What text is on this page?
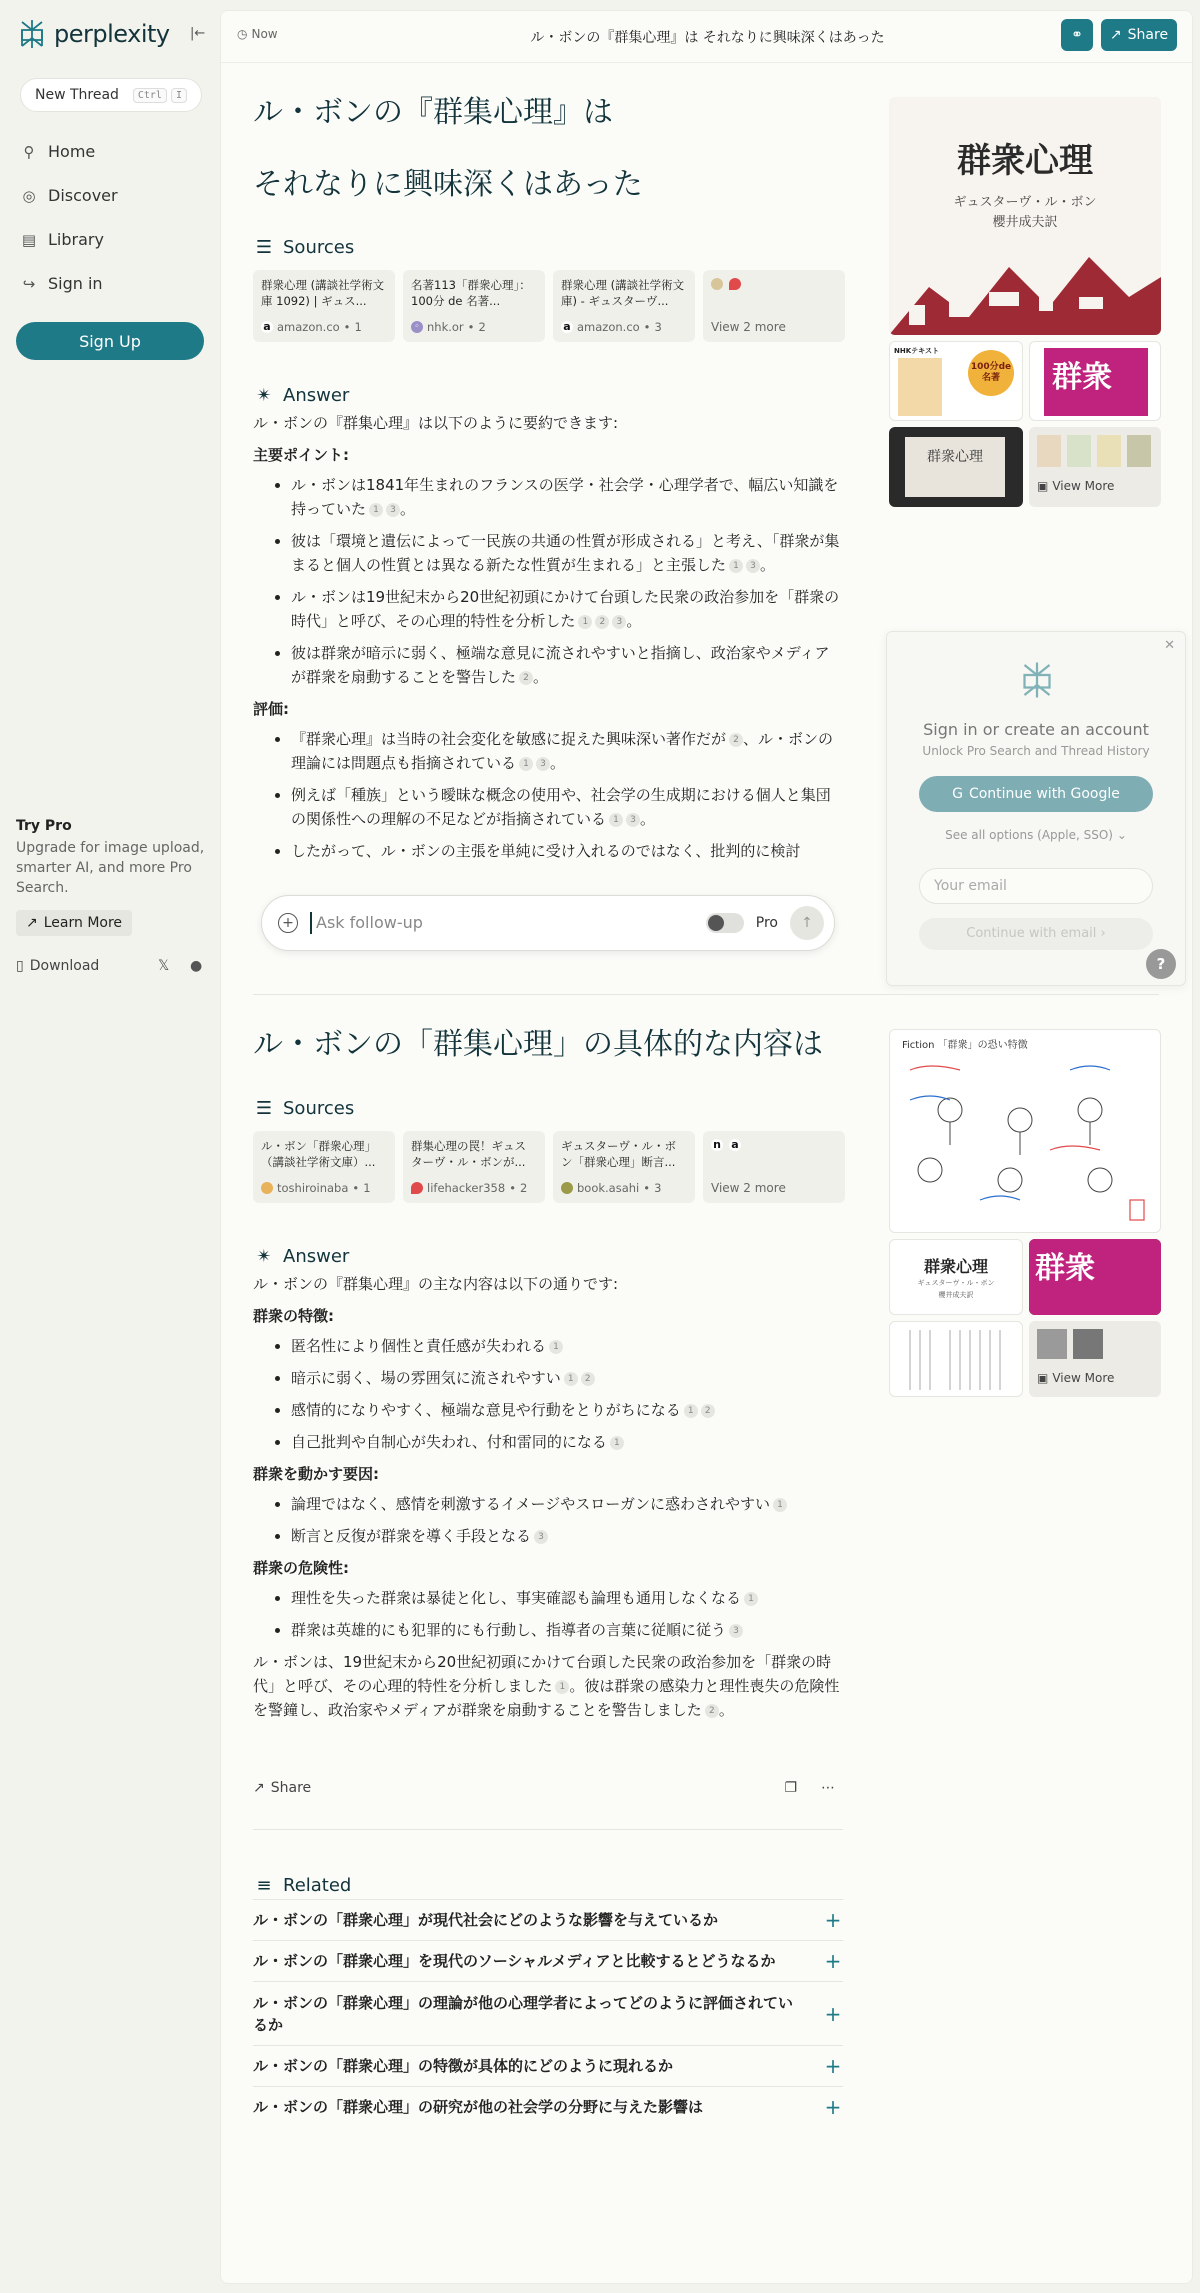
perplexity |←
New Thread	Ctrl	I
⚲ Home
◎ Discover
▤ Library
↪ Sign in
Sign Up
Try Pro
Upgrade for image upload, smarter AI, and more Pro Search.
↗ Learn More
▯ Download	𝕏 ●
◷ Now	ル・ボンの『群集心理』は それなりに興味深くはあった	⚭ ↗ Share
ル・ボンの『群集心理』は
それなりに興味深くはあった
☰ Sources
群衆心理 (講談社学術文庫 1092) | ギュス...
a amazon.co • 1
名著113「群衆心理」：100分 de 名著...
◦ nhk.or • 2
群衆心理 (講談社学術文庫) - ギュスターヴ...
a amazon.co • 3	View 2 more
✴ Answer

ル・ボンの『群集心理』は以下のように要約できます:

主要ポイント:
• ル・ボンは1841年生まれのフランスの医学・社会学・心理学者で、幅広い知識を持っていた 1 3 。
• 彼は「環境と遺伝によって一民族の共通の性質が形成される」と考え、「群衆が集まると個人の性質とは異なる新たな性質が生まれる」と主張した 1 3 。
• ル・ボンは19世紀末から20世紀初頭にかけて台頭した民衆の政治参加を「群衆の時代」と呼び、その心理的特性を分析した 1 2 3 。
• 彼は群衆が暗示に弱く、極端な意見に流されやすいと指摘し、政治家やメディアが群衆を扇動することを警告した 2 。
評価:
• 『群衆心理』は当時の社会変化を敏感に捉えた興味深い著作だが 2 、ル・ボンの理論には問題点も指摘されている 1 3 。
• 例えば「種族」という曖昧な概念の使用や、社会学の生成期における個人と集団の関係性への理解の不足などが指摘されている 1 3 。
• したがって、ル・ボンの主張を単純に受け入れるのではなく、批判的に検討
群衆心理
ギュスターヴ・ル・ボン
櫻井成夫訳
NHKテキスト
100分de名著	群衆
群衆心理
▣ View More
+	Ask follow-up	Pro ↑
✕
Sign in or create an account
Unlock Pro Search and Thread History
G Continue with Google
See all options (Apple, SSO) ⌄
Your email
Continue with email ›
?
ル・ボンの「群集心理」の具体的な内容は
☰ Sources
ル・ボン「群衆心理」（講談社学術文庫）...
toshiroinaba • 1
群集心理の罠！ギュスターヴ・ル・ボンが...
lifehacker358 • 2
ギュスターヴ・ル・ボン「群衆心理」断言...
book.asahi • 3
n a
View 2 more
✴ Answer

ル・ボンの『群集心理』の主な内容は以下の通りです:

群衆の特徴:
• 匿名性により個性と責任感が失われる 1
• 暗示に弱く、場の雰囲気に流されやすい 1 2
• 感情的になりやすく、極端な意見や行動をとりがちになる 1 2
• 自己批判や自制心が失われ、付和雷同的になる 1
群衆を動かす要因:
• 論理ではなく、感情を刺激するイメージやスローガンに惑わされやすい 1
• 断言と反復が群衆を導く手段となる 3
群衆の危険性:
• 理性を失った群衆は暴徒と化し、事実確認も論理も通用しなくなる 1
• 群衆は英雄的にも犯罪的にも行動し、指導者の言葉に従順に従う 3

ル・ボンは、19世紀末から20世紀初頭にかけて台頭した民衆の政治参加を「群衆の時代」と呼び、その心理的特性を分析しました 1 。彼は群衆の感染力と理性喪失の危険性を警鐘し、政治家やメディアが群衆を扇動することを警告しました 2 。

Fiction 「群衆」の恐い特徴
群衆心理
ギュスターヴ・ル・ボン
櫻井成夫訳
群衆
▣ View More
↗ Share	❐ ⋯
≡ Related
ル・ボンの「群衆心理」が現代社会にどのような影響を与えているか	+
ル・ボンの「群衆心理」を現代のソーシャルメディアと比較するとどうなるか	+
ル・ボンの「群衆心理」の理論が他の心理学者によってどのように評価されているか	+
ル・ボンの「群衆心理」の特徴が具体的にどのように現れるか	+
ル・ボンの「群衆心理」の研究が他の社会学の分野に与えた影響は	+
